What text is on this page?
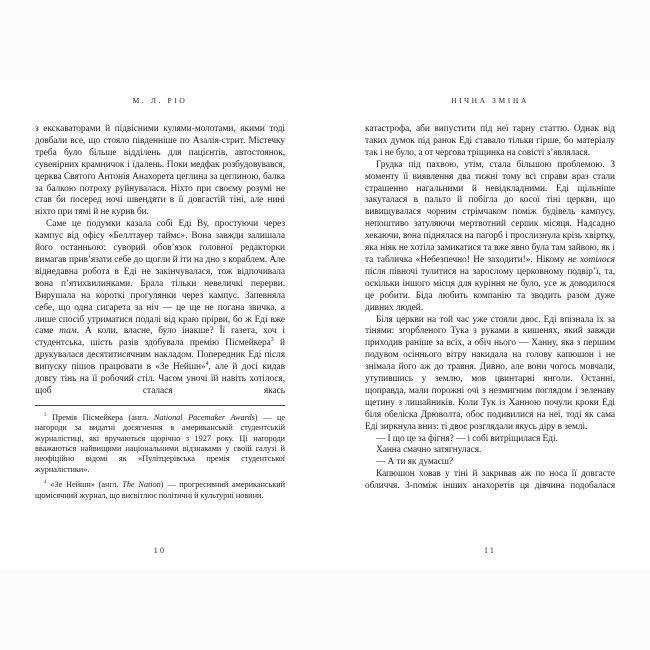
М. Л. РІО

з екскаваторами й підвісними кулями-молотами, якими тоді довбали все, що стояло південніше по Азалія-стрит. Містечку треба було більше відділень для пацієнтів, автостоянок, сувенірних крамничок і їдалень. Поки медфак розбудовувався, церква Святого Антонія Анахорета цеглина за цеглиною, балка за балкою потроху руйнувалася. Ніхто при своєму розумі не став би посеред ночі швендяти в її довгастій тіні, але нині ніхто при тямі й не курив би.

Саме це подумки казала собі Еді Ву, простуючи через кампус від офісу «Беллтауер таймс». Вона завжди залишала його останньою: суворий обов’язок головної редакторки вимагав прив’язати себе до щогли й іти на дно з кораблем. Але віднедавна робота в Еді не закінчувалася, тож відпочивала вона п’ятихвилинками. Брала тільки невеличкі перерви. Вирушала на короткі прогулянки через кампус. Запевняла себе, що одна сигарета за ніч — це ще не погана звичка, а лише спосіб утриматися подалі від краю прірви, бо ж Еді вже саме там. А коли, власне, було інакше? Її газета, хоч і студентська, шість разів здобувала премію Пісмейкера$^3$ й друкувалася десятитисячним накладом. Попередник Еді після випуску пішов працювати в «Зе Нейшн»$^4$, але й досі кидав довгу тінь на її робочий стіл. Часом уночі їй навіть хотілося, щоб сталася якась

$^3$ Премія Пісмейкера (англ. National Pacemaker Awards) — це нагороди за видатні досягнення в американській студентській журналістиці, які вручаються щорічно з 1927 року. Ці нагороди вважаються найвищими національними відзнаками у своїй галузі й неофіційно відомі як «Пулітцерівська премія студентської журналістики».

$^4$ «Зе Нейшн» (англ. The Nation) — прогресивний американський щомісячний журнал, що висвітлює політичні й культурні новини.

10
НІЧНА ЗМІНА

катастрофа, аби випустити під неї гарну статтю. Однак від таких думок під ранок Еді ставало тільки гірше, бо матеріалу так і не було, а от чергова тріщинка на совісті з’являлася.

Грудка під пахвою, утім, стала більшою проблемою. З моменту її виявлення два тижні тому всі справи враз стали страшенно нагальними й невідкладними. Еді щільніше закуталася в пальто й побігла до косої тіні церкви, що вивищувалася чорним стрімчаком поміж будівель кампусу, непоштиво затуляючи мертвотний серпик місяця. Надсадно хекаючи, вона піднялася на пагорб і прослизнула крізь хвіртку, яка ніяк не хотіла замикатися та вже явно була там зайвою, як і та табличка «Небезпечно! Не заходити!». Нікому не хотілося після півночі тулитися на зарослому церковному подвір’ї, та, оскільки іншого місця для куріння не було, усе ж доводилося це робити. Біда любить компанію та зводить разом дуже дивних людей.

Біля церкви на той час уже стояли двоє. Еді впізнала їх за тінями: згорбленого Тука з руками в кишенях, який завжди приходив раніше за всіх, а обіч нього — Ханну, яка з першим подувом осіннього вітру накидала на голову капюшон і не знімала його аж до травня. Дивно, але вони чогось мовчали, утупившись у землю, мов цвинтарні янголи. Останні, щоправда, мали порожні очі з незмигним поглядом і зеленаву щетину з лишайників. Коли Тук із Ханною почули кроки Еді біля обеліска Дрюволта, обоє подивилися на неї, тоді як сама Еді зиркнула вниз: ті двоє розглядали якусь діру в землі.

— І що це за фігня? — і собі витріщилася Еді.

Ханна смачно затягнулася.

— А ти як думаєш?

Капюшон ховав у тіні й закривав аж по носа її довгасте обличчя. З-поміж інших анахоретів ця дівчина подобалася

11
